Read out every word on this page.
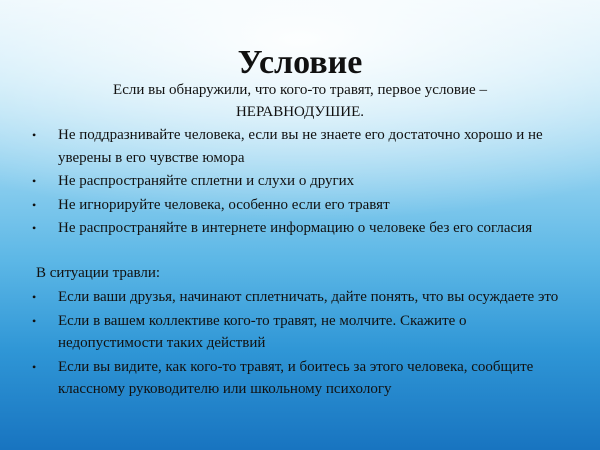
Условие
Если вы обнаружили, что кого-то травят, первое условие –
НЕРАВНОДУШИЕ.
• Не поддразнивайте человека, если вы не знаете его достаточно хорошо и не уверены в его чувстве юмора
• Не распространяйте сплетни и слухи о других
• Не игнорируйте человека, особенно если его травят
• Не распространяйте в интернете информацию о человеке без его согласия
В ситуации травли:
• Если ваши друзья, начинают сплетничать, дайте понять, что вы осуждаете это
• Если в вашем коллективе кого-то травят, не молчите. Скажите о недопустимости таких действий
• Если вы видите, как кого-то травят, и боитесь за этого человека, сообщите классному руководителю или школьному психологу
